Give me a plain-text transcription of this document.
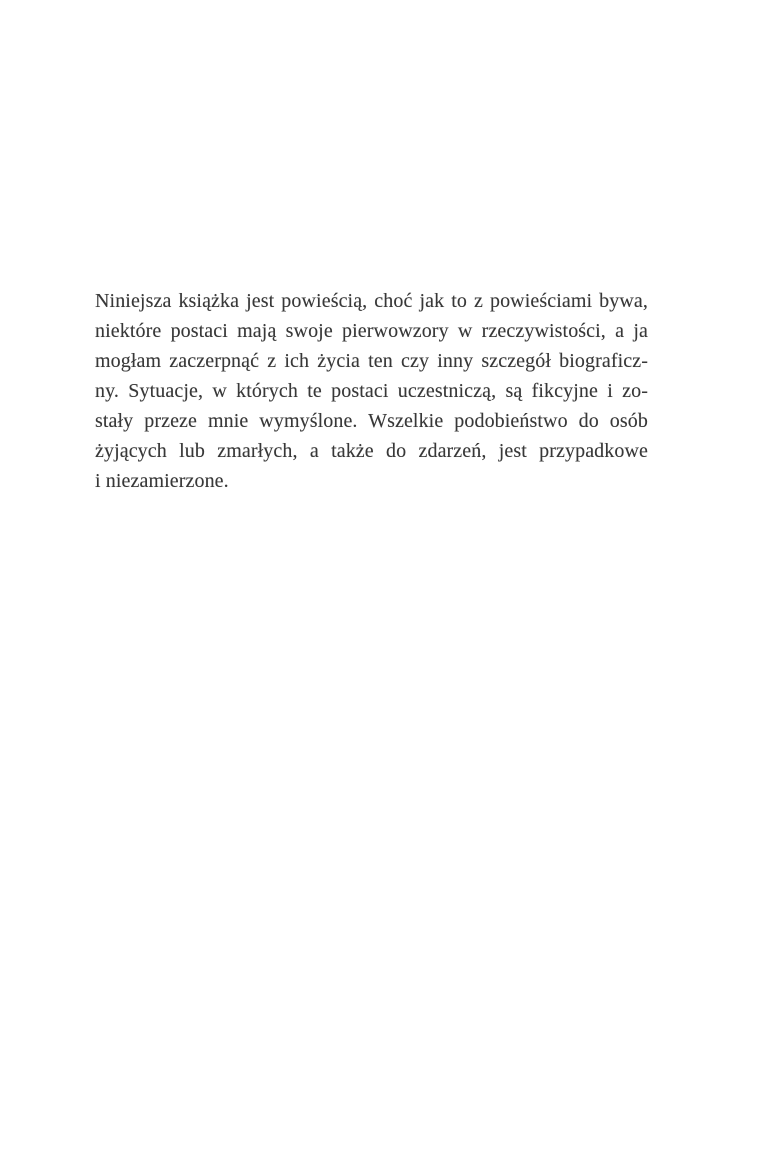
Niniejsza książka jest powieścią, choć jak to z powieściami bywa,
niektóre postaci mają swoje pierwowzory w rzeczywistości, a ja
mogłam zaczerpnąć z ich życia ten czy inny szczegół biograficz-
ny. Sytuacje, w których te postaci uczestniczą, są fikcyjne i zo-
stały przeze mnie wymyślone. Wszelkie podobieństwo do osób
żyjących lub zmarłych, a także do zdarzeń, jest przypadkowe
i niezamierzone.
